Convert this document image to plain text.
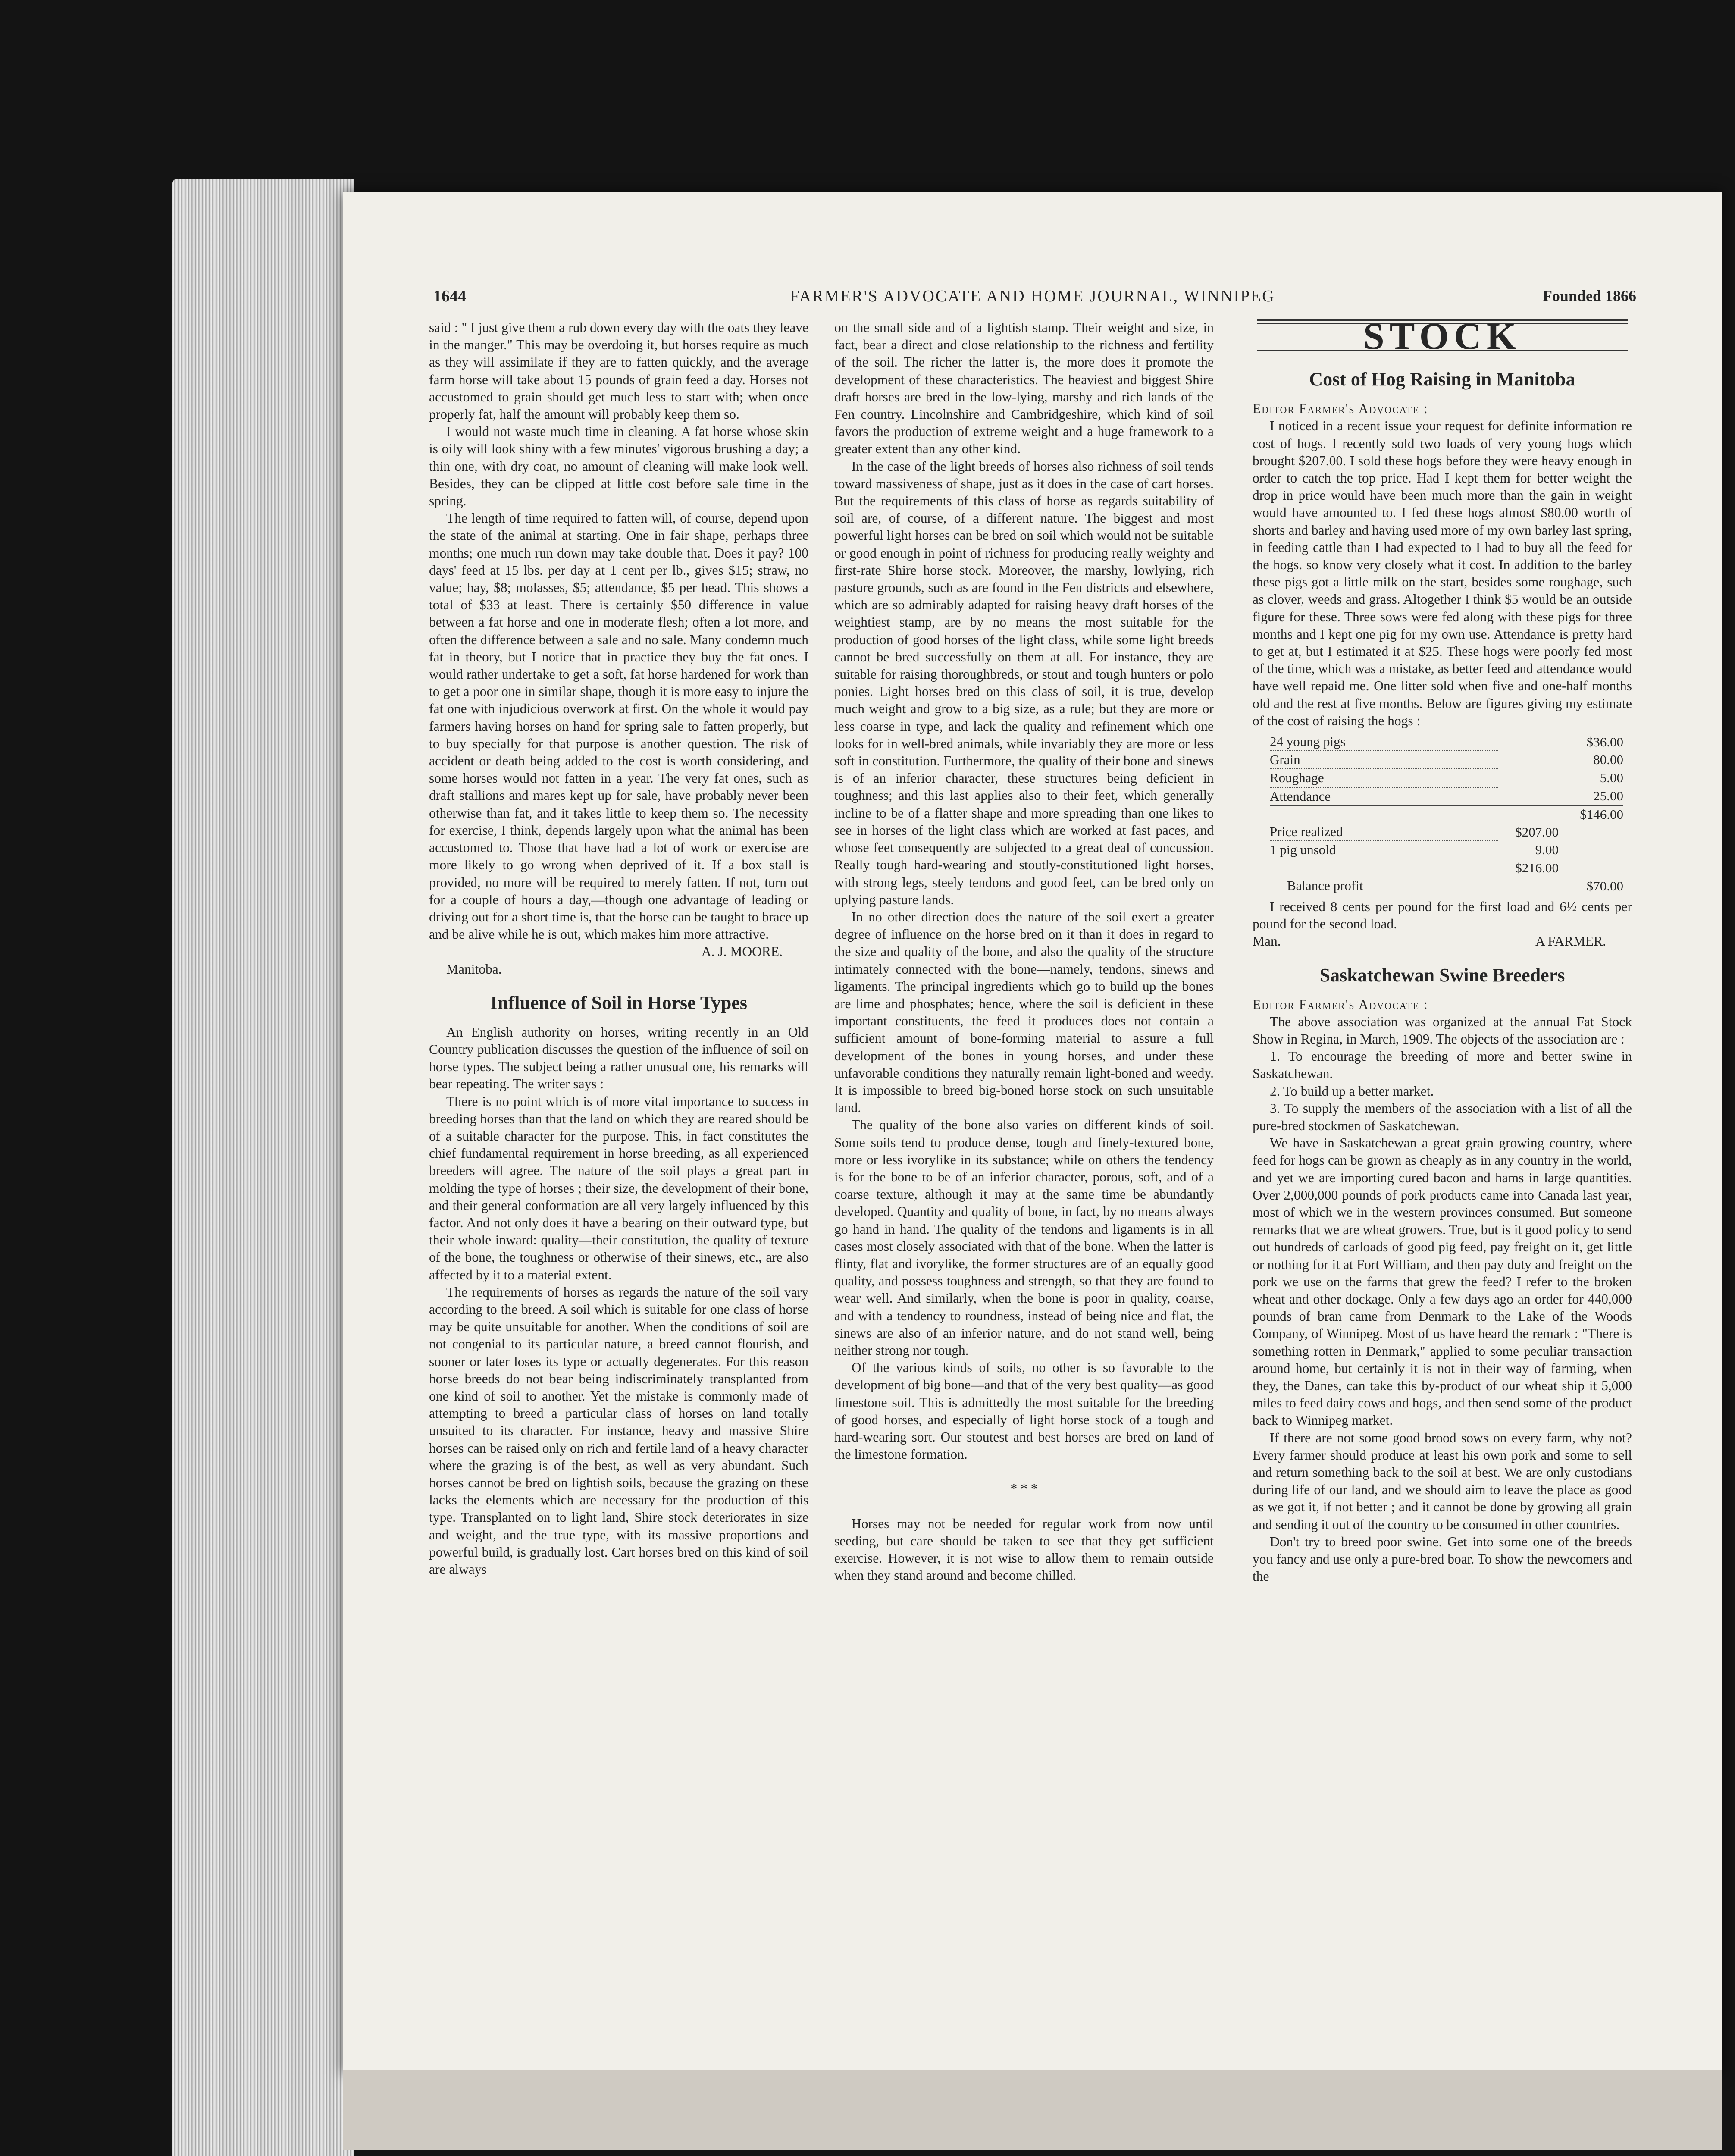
FARMER'S ADVOCATE AND HOME JOURNAL, WINNIPEG
1644	Founded 1866

said : " I just give them a rub down every day with the oats they leave in the manger." This may be overdoing it, but horses require as much as they will assimilate if they are to fatten quickly, and the average farm horse will take about 15 pounds of grain feed a day. Horses not accustomed to grain should get much less to start with; when once properly fat, half the amount will probably keep them so.

I would not waste much time in cleaning. A fat horse whose skin is oily will look shiny with a few minutes' vigorous brushing a day; a thin one, with dry coat, no amount of cleaning will make look well. Besides, they can be clipped at little cost before sale time in the spring.

The length of time required to fatten will, of course, depend upon the state of the animal at starting. One in fair shape, perhaps three months; one much run down may take double that. Does it pay? 100 days' feed at 15 lbs. per day at 1 cent per lb., gives $15; straw, no value; hay, $8; molasses, $5; attendance, $5 per head. This shows a total of $33 at least. There is certainly $50 difference in value between a fat horse and one in moderate flesh; often a lot more, and often the difference between a sale and no sale. Many condemn much fat in theory, but I notice that in practice they buy the fat ones. I would rather undertake to get a soft, fat horse hardened for work than to get a poor one in similar shape, though it is more easy to injure the fat one with injudicious overwork at first. On the whole it would pay farmers having horses on hand for spring sale to fatten properly, but to buy specially for that purpose is another question. The risk of accident or death being added to the cost is worth considering, and some horses would not fatten in a year. The very fat ones, such as draft stallions and mares kept up for sale, have probably never been otherwise than fat, and it takes little to keep them so. The necessity for exercise, I think, depends largely upon what the animal has been accustomed to. Those that have had a lot of work or exercise are more likely to go wrong when deprived of it. If a box stall is provided, no more will be required to merely fatten. If not, turn out for a couple of hours a day,—though one advantage of leading or driving out for a short time is, that the horse can be taught to brace up and be alive while he is out, which makes him more attractive.

A. J. MOORE.

Manitoba.

Influence of Soil in Horse Types

An English authority on horses, writing recently in an Old Country publication discusses the question of the influence of soil on horse types. The subject being a rather unusual one, his remarks will bear repeating. The writer says :

There is no point which is of more vital importance to success in breeding horses than that the land on which they are reared should be of a suitable character for the purpose. This, in fact constitutes the chief fundamental requirement in horse breeding, as all experienced breeders will agree. The nature of the soil plays a great part in molding the type of horses ; their size, the development of their bone, and their general conformation are all very largely influenced by this factor. And not only does it have a bearing on their outward type, but their whole inward: quality—their constitution, the quality of texture of the bone, the toughness or otherwise of their sinews, etc., are also affected by it to a material extent.

The requirements of horses as regards the nature of the soil vary according to the breed. A soil which is suitable for one class of horse may be quite unsuitable for another. When the conditions of soil are not congenial to its particular nature, a breed cannot flourish, and sooner or later loses its type or actually degenerates. For this reason horse breeds do not bear being indiscriminately transplanted from one kind of soil to another. Yet the mistake is commonly made of attempting to breed a particular class of horses on land totally unsuited to its character. For instance, heavy and massive Shire horses can be raised only on rich and fertile land of a heavy character where the grazing is of the best, as well as very abundant. Such horses cannot be bred on lightish soils, because the grazing on these lacks the elements which are necessary for the production of this type. Transplanted on to light land, Shire stock deteriorates in size and weight, and the true type, with its massive proportions and powerful build, is gradually lost. Cart horses bred on this kind of soil are always

on the small side and of a lightish stamp. Their weight and size, in fact, bear a direct and close relationship to the richness and fertility of the soil. The richer the latter is, the more does it promote the development of these characteristics. The heaviest and biggest Shire draft horses are bred in the low-lying, marshy and rich lands of the Fen country. Lincolnshire and Cambridgeshire, which kind of soil favors the production of extreme weight and a huge framework to a greater extent than any other kind.

In the case of the light breeds of horses also richness of soil tends toward massiveness of shape, just as it does in the case of cart horses. But the requirements of this class of horse as regards suitability of soil are, of course, of a different nature. The biggest and most powerful light horses can be bred on soil which would not be suitable or good enough in point of richness for producing really weighty and first-rate Shire horse stock. Moreover, the marshy, lowlying, rich pasture grounds, such as are found in the Fen districts and elsewhere, which are so admirably adapted for raising heavy draft horses of the weightiest stamp, are by no means the most suitable for the production of good horses of the light class, while some light breeds cannot be bred successfully on them at all. For instance, they are suitable for raising thoroughbreds, or stout and tough hunters or polo ponies. Light horses bred on this class of soil, it is true, develop much weight and grow to a big size, as a rule; but they are more or less coarse in type, and lack the quality and refinement which one looks for in well-bred animals, while invariably they are more or less soft in constitution. Furthermore, the quality of their bone and sinews is of an inferior character, these structures being deficient in toughness; and this last applies also to their feet, which generally incline to be of a flatter shape and more spreading than one likes to see in horses of the light class which are worked at fast paces, and whose feet consequently are subjected to a great deal of concussion. Really tough hard-wearing and stoutly-constitutioned light horses, with strong legs, steely tendons and good feet, can be bred only on uplying pasture lands.

In no other direction does the nature of the soil exert a greater degree of influence on the horse bred on it than it does in regard to the size and quality of the bone, and also the quality of the structure intimately connected with the bone—namely, tendons, sinews and ligaments. The principal ingredients which go to build up the bones are lime and phosphates; hence, where the soil is deficient in these important constituents, the feed it produces does not contain a sufficient amount of bone-forming material to assure a full development of the bones in young horses, and under these unfavorable conditions they naturally remain light-boned and weedy. It is impossible to breed big-boned horse stock on such unsuitable land.

The quality of the bone also varies on different kinds of soil. Some soils tend to produce dense, tough and finely-textured bone, more or less ivorylike in its substance; while on others the tendency is for the bone to be of an inferior character, porous, soft, and of a coarse texture, although it may at the same time be abundantly developed. Quantity and quality of bone, in fact, by no means always go hand in hand. The quality of the tendons and ligaments is in all cases most closely associated with that of the bone. When the latter is flinty, flat and ivorylike, the former structures are of an equally good quality, and possess toughness and strength, so that they are found to wear well. And similarly, when the bone is poor in quality, coarse, and with a tendency to roundness, instead of being nice and flat, the sinews are also of an inferior nature, and do not stand well, being neither strong nor tough.

Of the various kinds of soils, no other is so favorable to the development of big bone—and that of the very best quality—as good limestone soil. This is admittedly the most suitable for the breeding of good horses, and especially of light horse stock of a tough and hard-wearing sort. Our stoutest and best horses are bred on land of the limestone formation.

* * *

Horses may not be needed for regular work from now until seeding, but care should be taken to see that they get sufficient exercise. However, it is not wise to allow them to remain outside when they stand around and become chilled.

STOCK
Cost of Hog Raising in Manitoba

Editor Farmer's Advocate :

I noticed in a recent issue your request for definite information re cost of hogs. I recently sold two loads of very young hogs which brought $207.00. I sold these hogs before they were heavy enough in order to catch the top price. Had I kept them for better weight the drop in price would have been much more than the gain in weight would have amounted to. I fed these hogs almost $80.00 worth of shorts and barley and having used more of my own barley last spring, in feeding cattle than I had expected to I had to buy all the feed for the hogs. so know very closely what it cost. In addition to the barley these pigs got a little milk on the start, besides some roughage, such as clover, weeds and grass. Altogether I think $5 would be an outside figure for these. Three sows were fed along with these pigs for three months and I kept one pig for my own use. Attendance is pretty hard to get at, but I estimated it at $25. These hogs were poorly fed most of the time, which was a mistake, as better feed and attendance would have well repaid me. One litter sold when five and one-half months old and the rest at five months. Below are figures giving my estimate of the cost of raising the hogs :

24 young pigs		$36.00
Grain		80.00
Roughage		5.00
Attendance		25.00
		$146.00
Price realized	$207.00	
1 pig unsold	9.00	
	$216.00	
Balance profit		$70.00

I received 8 cents per pound for the first load and 6½ cents per pound for the second load.

Man.	A FARMER.

Saskatchewan Swine Breeders

Editor Farmer's Advocate :

The above association was organized at the annual Fat Stock Show in Regina, in March, 1909. The objects of the association are :

1. To encourage the breeding of more and better swine in Saskatchewan.

2. To build up a better market.

3. To supply the members of the association with a list of all the pure-bred stockmen of Saskatchewan.

We have in Saskatchewan a great grain growing country, where feed for hogs can be grown as cheaply as in any country in the world, and yet we are importing cured bacon and hams in large quantities. Over 2,000,000 pounds of pork products came into Canada last year, most of which we in the western provinces consumed. But someone remarks that we are wheat growers. True, but is it good policy to send out hundreds of carloads of good pig feed, pay freight on it, get little or nothing for it at Fort William, and then pay duty and freight on the pork we use on the farms that grew the feed? I refer to the broken wheat and other dockage. Only a few days ago an order for 440,000 pounds of bran came from Denmark to the Lake of the Woods Company, of Winnipeg. Most of us have heard the remark : "There is something rotten in Denmark," applied to some peculiar transaction around home, but certainly it is not in their way of farming, when they, the Danes, can take this by-product of our wheat ship it 5,000 miles to feed dairy cows and hogs, and then send some of the product back to Winnipeg market.

If there are not some good brood sows on every farm, why not? Every farmer should produce at least his own pork and some to sell and return something back to the soil at best. We are only custodians during life of our land, and we should aim to leave the place as good as we got it, if not better ; and it cannot be done by growing all grain and sending it out of the country to be consumed in other countries.

Don't try to breed poor swine. Get into some one of the breeds you fancy and use only a pure-bred boar. To show the newcomers and the
